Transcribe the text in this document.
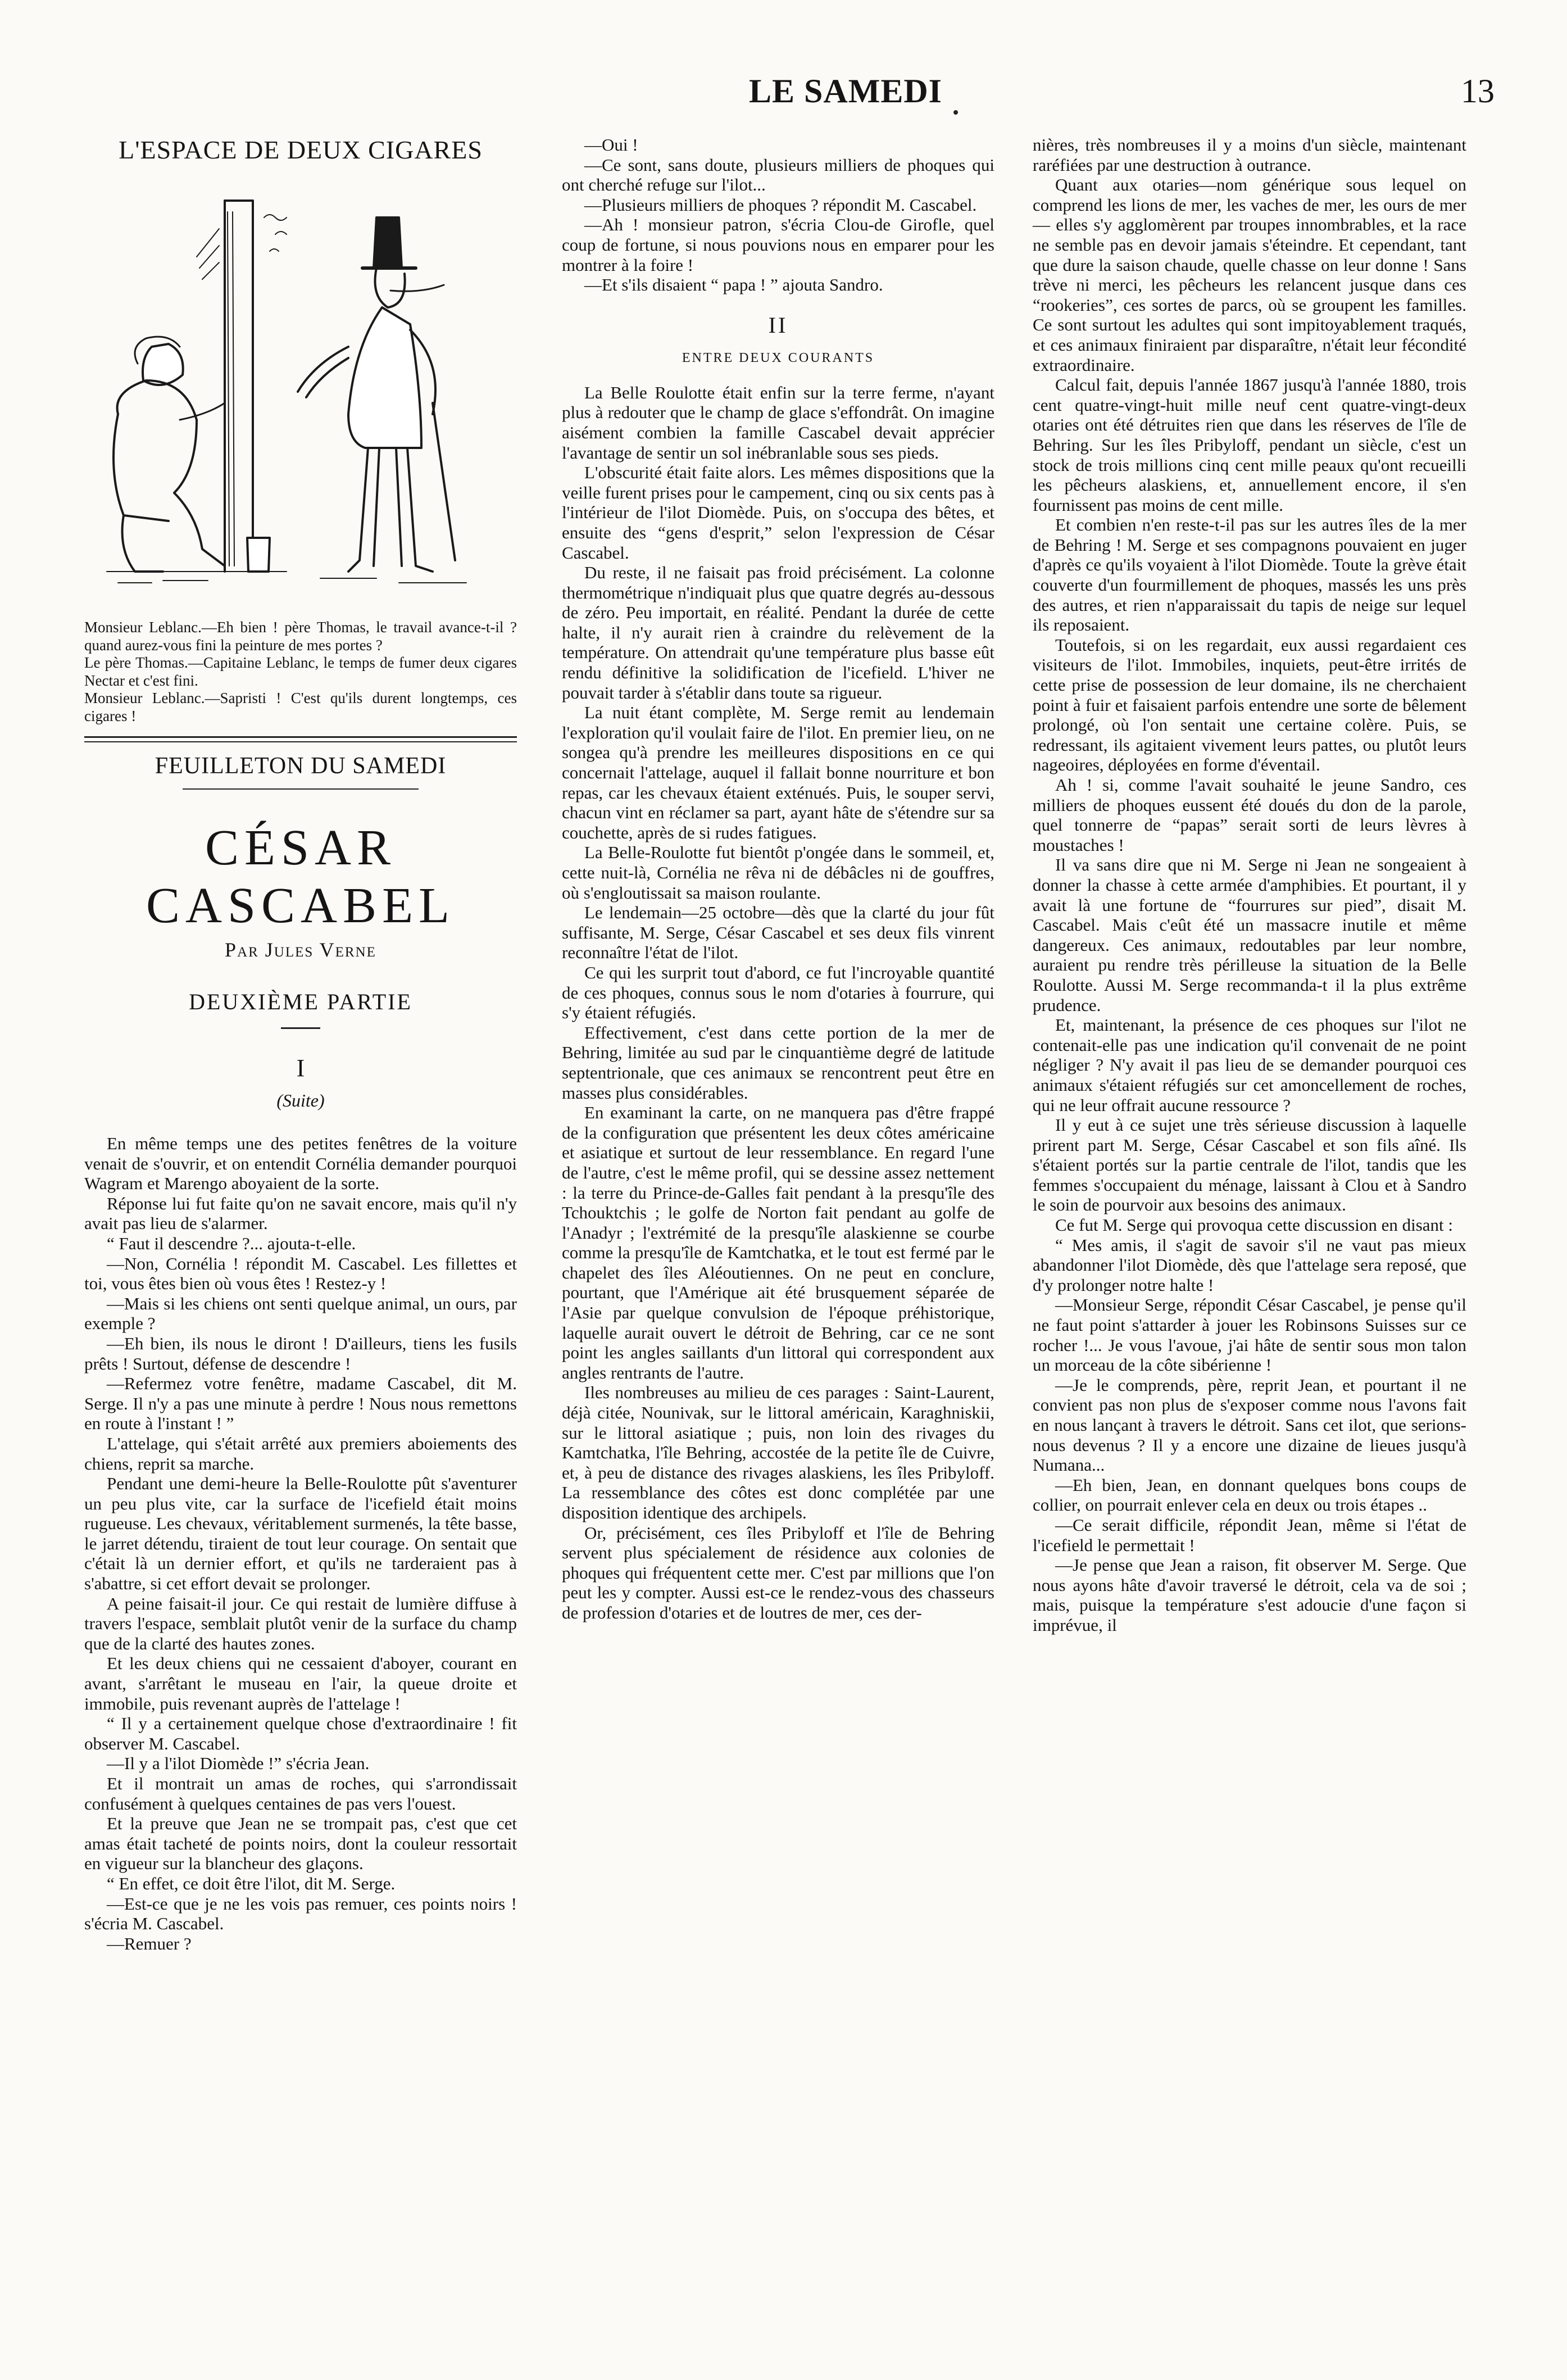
LE SAMEDI	13
L'ESPACE DE DEUX CIGARES

Monsieur Leblanc.—Eh bien ! père Thomas, le travail avance-t-il ? quand aurez-vous fini la peinture de mes portes ?

Le père Thomas.—Capitaine Leblanc, le temps de fumer deux cigares Nectar et c'est fini.

Monsieur Leblanc.—Sapristi ! C'est qu'ils durent longtemps, ces cigares !

FEUILLETON DU SAMEDI
CÉSAR CASCABEL
Par Jules Verne
DEUXIÈME PARTIE
I
(Suite)

En même temps une des petites fenêtres de la voiture venait de s'ouvrir, et on entendit Cornélia demander pourquoi Wagram et Marengo aboyaient de la sorte.

Réponse lui fut faite qu'on ne savait encore, mais qu'il n'y avait pas lieu de s'alarmer.

“ Faut il descendre ?... ajouta-t-elle.

—Non, Cornélia ! répondit M. Cascabel. Les fillettes et toi, vous êtes bien où vous êtes ! Restez-y !

—Mais si les chiens ont senti quelque animal, un ours, par exemple ?

—Eh bien, ils nous le diront ! D'ailleurs, tiens les fusils prêts ! Surtout, défense de descendre !

—Refermez votre fenêtre, madame Cascabel, dit M. Serge. Il n'y a pas une minute à perdre ! Nous nous remettons en route à l'instant ! ”

L'attelage, qui s'était arrêté aux premiers aboiements des chiens, reprit sa marche.

Pendant une demi-heure la Belle-Roulotte pût s'aventurer un peu plus vite, car la surface de l'icefield était moins rugueuse. Les chevaux, véritablement surmenés, la tête basse, le jarret détendu, tiraient de tout leur courage. On sentait que c'était là un dernier effort, et qu'ils ne tarderaient pas à s'abattre, si cet effort devait se prolonger.

A peine faisait-il jour. Ce qui restait de lumière diffuse à travers l'espace, semblait plutôt venir de la surface du champ que de la clarté des hautes zones.

Et les deux chiens qui ne cessaient d'aboyer, courant en avant, s'arrêtant le museau en l'air, la queue droite et immobile, puis revenant auprès de l'attelage !

“ Il y a certainement quelque chose d'extraordinaire ! fit observer M. Cascabel.

—Il y a l'ilot Diomède !” s'écria Jean.

Et il montrait un amas de roches, qui s'arrondissait confusément à quelques centaines de pas vers l'ouest.

Et la preuve que Jean ne se trompait pas, c'est que cet amas était tacheté de points noirs, dont la couleur ressortait en vigueur sur la blancheur des glaçons.

“ En effet, ce doit être l'ilot, dit M. Serge.

—Est-ce que je ne les vois pas remuer, ces points noirs ! s'écria M. Cascabel.

—Remuer ?

—Oui !

—Ce sont, sans doute, plusieurs milliers de phoques qui ont cherché refuge sur l'ilot...

—Plusieurs milliers de phoques ? répondit M. Cascabel.

—Ah ! monsieur patron, s'écria Clou-de Girofle, quel coup de fortune, si nous pouvions nous en emparer pour les montrer à la foire !

—Et s'ils disaient “ papa ! ” ajouta Sandro.

II
ENTRE DEUX COURANTS

La Belle Roulotte était enfin sur la terre ferme, n'ayant plus à redouter que le champ de glace s'effondrât. On imagine aisément combien la famille Cascabel devait apprécier l'avantage de sentir un sol inébranlable sous ses pieds.

L'obscurité était faite alors. Les mêmes dispositions que la veille furent prises pour le campement, cinq ou six cents pas à l'intérieur de l'ilot Diomède. Puis, on s'occupa des bêtes, et ensuite des “gens d'esprit,” selon l'expression de César Cascabel.

Du reste, il ne faisait pas froid précisément. La colonne thermométrique n'indiquait plus que quatre degrés au-dessous de zéro. Peu importait, en réalité. Pendant la durée de cette halte, il n'y aurait rien à craindre du relèvement de la température. On attendrait qu'une température plus basse eût rendu définitive la solidification de l'icefield. L'hiver ne pouvait tarder à s'établir dans toute sa rigueur.

La nuit étant complète, M. Serge remit au lendemain l'exploration qu'il voulait faire de l'ilot. En premier lieu, on ne songea qu'à prendre les meilleures dispositions en ce qui concernait l'attelage, auquel il fallait bonne nourriture et bon repas, car les chevaux étaient exténués. Puis, le souper servi, chacun vint en réclamer sa part, ayant hâte de s'étendre sur sa couchette, après de si rudes fatigues.

La Belle-Roulotte fut bientôt p'ongée dans le sommeil, et, cette nuit-là, Cornélia ne rêva ni de débâcles ni de gouffres, où s'engloutissait sa maison roulante.

Le lendemain—25 octobre—dès que la clarté du jour fût suffisante, M. Serge, César Cascabel et ses deux fils vinrent reconnaître l'état de l'ilot.

Ce qui les surprit tout d'abord, ce fut l'incroyable quantité de ces phoques, connus sous le nom d'otaries à fourrure, qui s'y étaient réfugiés.

Effectivement, c'est dans cette portion de la mer de Behring, limitée au sud par le cinquantième degré de latitude septentrionale, que ces animaux se rencontrent peut être en masses plus considérables.

En examinant la carte, on ne manquera pas d'être frappé de la configuration que présentent les deux côtes américaine et asiatique et surtout de leur ressemblance. En regard l'une de l'autre, c'est le même profil, qui se dessine assez nettement : la terre du Prince-de-Galles fait pendant à la presqu'île des Tchouktchis ; le golfe de Norton fait pendant au golfe de l'Anadyr ; l'extrémité de la presqu'île alaskienne se courbe comme la presqu'île de Kamtchatka, et le tout est fermé par le chapelet des îles Aléoutiennes. On ne peut en conclure, pourtant, que l'Amérique ait été brusquement séparée de l'Asie par quelque convulsion de l'époque préhistorique, laquelle aurait ouvert le détroit de Behring, car ce ne sont point les angles saillants d'un littoral qui correspondent aux angles rentrants de l'autre.

Iles nombreuses au milieu de ces parages : Saint-Laurent, déjà citée, Nounivak, sur le littoral américain, Karaghniskii, sur le littoral asiatique ; puis, non loin des rivages du Kamtchatka, l'île Behring, accostée de la petite île de Cuivre, et, à peu de distance des rivages alaskiens, les îles Pribyloff. La ressemblance des côtes est donc complétée par une disposition identique des archipels.

Or, précisément, ces îles Pribyloff et l'île de Behring servent plus spécialement de résidence aux colonies de phoques qui fréquentent cette mer. C'est par millions que l'on peut les y compter. Aussi est-ce le rendez-vous des chasseurs de profession d'otaries et de loutres de mer, ces der-

nières, très nombreuses il y a moins d'un siècle, maintenant raréfiées par une destruction à outrance.

Quant aux otaries—nom générique sous lequel on comprend les lions de mer, les vaches de mer, les ours de mer — elles s'y agglomèrent par troupes innombrables, et la race ne semble pas en devoir jamais s'éteindre. Et cependant, tant que dure la saison chaude, quelle chasse on leur donne ! Sans trève ni merci, les pêcheurs les relancent jusque dans ces “rookeries”, ces sortes de parcs, où se groupent les familles. Ce sont surtout les adultes qui sont impitoyablement traqués, et ces animaux finiraient par disparaître, n'était leur fécondité extraordinaire.

Calcul fait, depuis l'année 1867 jusqu'à l'année 1880, trois cent quatre-vingt-huit mille neuf cent quatre-vingt-deux otaries ont été détruites rien que dans les réserves de l'île de Behring. Sur les îles Pribyloff, pendant un siècle, c'est un stock de trois millions cinq cent mille peaux qu'ont recueilli les pêcheurs alaskiens, et, annuellement encore, il s'en fournissent pas moins de cent mille.

Et combien n'en reste-t-il pas sur les autres îles de la mer de Behring ! M. Serge et ses compagnons pouvaient en juger d'après ce qu'ils voyaient à l'ilot Diomède. Toute la grève était couverte d'un fourmillement de phoques, massés les uns près des autres, et rien n'apparaissait du tapis de neige sur lequel ils reposaient.

Toutefois, si on les regardait, eux aussi regardaient ces visiteurs de l'ilot. Immobiles, inquiets, peut-être irrités de cette prise de possession de leur domaine, ils ne cherchaient point à fuir et faisaient parfois entendre une sorte de bêlement prolongé, où l'on sentait une certaine colère. Puis, se redressant, ils agitaient vivement leurs pattes, ou plutôt leurs nageoires, déployées en forme d'éventail.

Ah ! si, comme l'avait souhaité le jeune Sandro, ces milliers de phoques eussent été doués du don de la parole, quel tonnerre de “papas” serait sorti de leurs lèvres à moustaches !

Il va sans dire que ni M. Serge ni Jean ne songeaient à donner la chasse à cette armée d'amphibies. Et pourtant, il y avait là une fortune de “fourrures sur pied”, disait M. Cascabel. Mais c'eût été un massacre inutile et même dangereux. Ces animaux, redoutables par leur nombre, auraient pu rendre très périlleuse la situation de la Belle Roulotte. Aussi M. Serge recommanda-t il la plus extrême prudence.

Et, maintenant, la présence de ces phoques sur l'ilot ne contenait-elle pas une indication qu'il convenait de ne point négliger ? N'y avait il pas lieu de se demander pourquoi ces animaux s'étaient réfugiés sur cet amoncellement de roches, qui ne leur offrait aucune ressource ?

Il y eut à ce sujet une très sérieuse discussion à laquelle prirent part M. Serge, César Cascabel et son fils aîné. Ils s'étaient portés sur la partie centrale de l'ilot, tandis que les femmes s'occupaient du ménage, laissant à Clou et à Sandro le soin de pourvoir aux besoins des animaux.

Ce fut M. Serge qui provoqua cette discussion en disant :

“ Mes amis, il s'agit de savoir s'il ne vaut pas mieux abandonner l'ilot Diomède, dès que l'attelage sera reposé, que d'y prolonger notre halte !

—Monsieur Serge, répondit César Cascabel, je pense qu'il ne faut point s'attarder à jouer les Robinsons Suisses sur ce rocher !... Je vous l'avoue, j'ai hâte de sentir sous mon talon un morceau de la côte sibérienne !

—Je le comprends, père, reprit Jean, et pourtant il ne convient pas non plus de s'exposer comme nous l'avons fait en nous lançant à travers le détroit. Sans cet ilot, que serions-nous devenus ? Il y a encore une dizaine de lieues jusqu'à Numana...

—Eh bien, Jean, en donnant quelques bons coups de collier, on pourrait enlever cela en deux ou trois étapes ..

—Ce serait difficile, répondit Jean, même si l'état de l'icefield le permettait !

—Je pense que Jean a raison, fit observer M. Serge. Que nous ayons hâte d'avoir traversé le détroit, cela va de soi ; mais, puisque la température s'est adoucie d'une façon si imprévue, il
